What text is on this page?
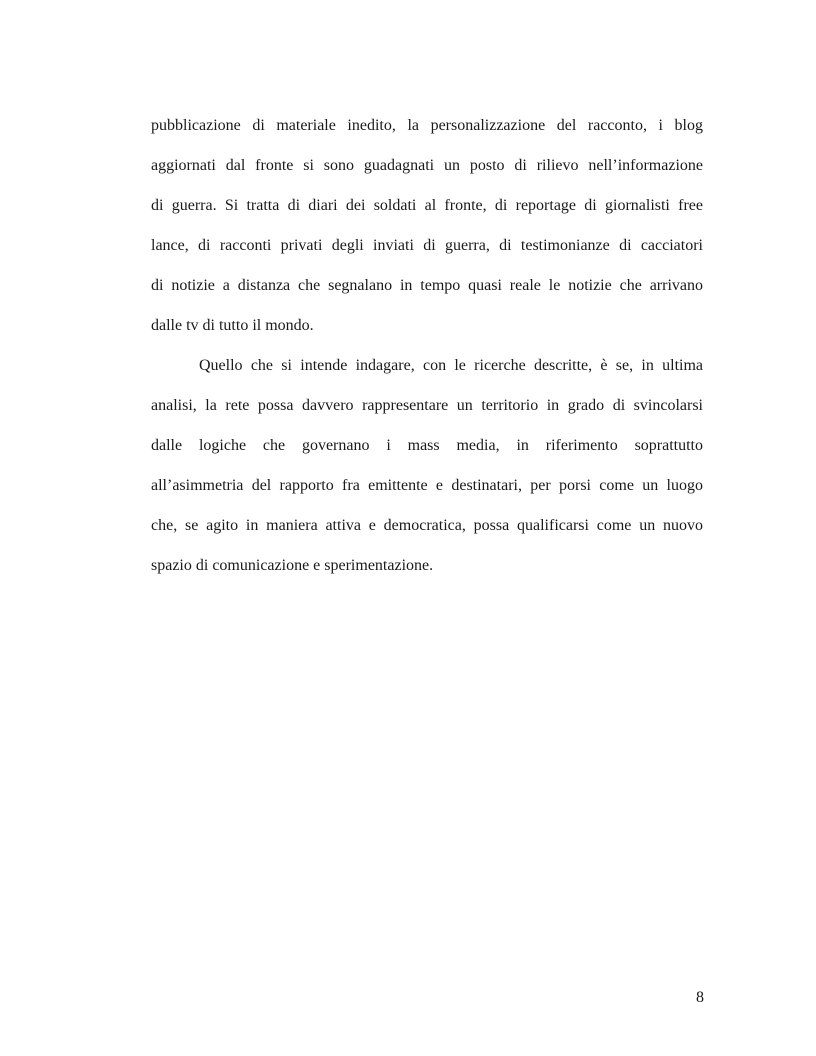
pubblicazione di materiale inedito, la personalizzazione del racconto, i blog
aggiornati dal fronte si sono guadagnati un posto di rilievo nell’informazione
di guerra. Si tratta di diari dei soldati al fronte, di reportage di giornalisti free
lance, di racconti privati degli inviati di guerra, di testimonianze di cacciatori
di notizie a distanza che segnalano in tempo quasi reale le notizie che arrivano
dalle tv di tutto il mondo.

Quello che si intende indagare, con le ricerche descritte, è se, in ultima
analisi, la rete possa davvero rappresentare un territorio in grado di svincolarsi
dalle logiche che governano i mass media, in riferimento soprattutto
all’asimmetria del rapporto fra emittente e destinatari, per porsi come un luogo
che, se agito in maniera attiva e democratica, possa qualificarsi come un nuovo
spazio di comunicazione e sperimentazione.

8
